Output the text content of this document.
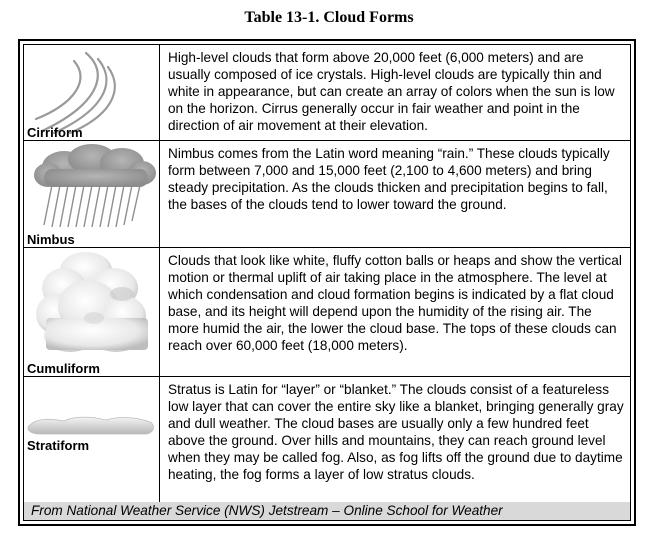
Table 13-1. Cloud Forms
Cirriform
High-level clouds that form above 20,000 feet (6,000 meters) and are usually composed of ice crystals. High-level clouds are typically thin and white in appearance, but can create an array of colors when the sun is low on the horizon. Cirrus generally occur in fair weather and point in the direction of air movement at their elevation.
Nimbus
Nimbus comes from the Latin word meaning “rain.” These clouds typically form between 7,000 and 15,000 feet (2,100 to 4,600 meters) and bring steady precipitation. As the clouds thicken and precipitation begins to fall, the bases of the clouds tend to lower toward the ground.
Cumuliform
Clouds that look like white, fluffy cotton balls or heaps and show the vertical motion or thermal uplift of air taking place in the atmosphere. The level at which condensation and cloud formation begins is indicated by a flat cloud base, and its height will depend upon the humidity of the rising air. The more humid the air, the lower the cloud base. The tops of these clouds can reach over 60,000 feet (18,000 meters).
Stratiform
Stratus is Latin for “layer” or “blanket.” The clouds consist of a featureless low layer that can cover the entire sky like a blanket, bringing generally gray and dull weather. The cloud bases are usually only a few hundred feet above the ground. Over hills and mountains, they can reach ground level when they may be called fog. Also, as fog lifts off the ground due to daytime heating, the fog forms a layer of low stratus clouds.
From National Weather Service (NWS) Jetstream – Online School for Weather
